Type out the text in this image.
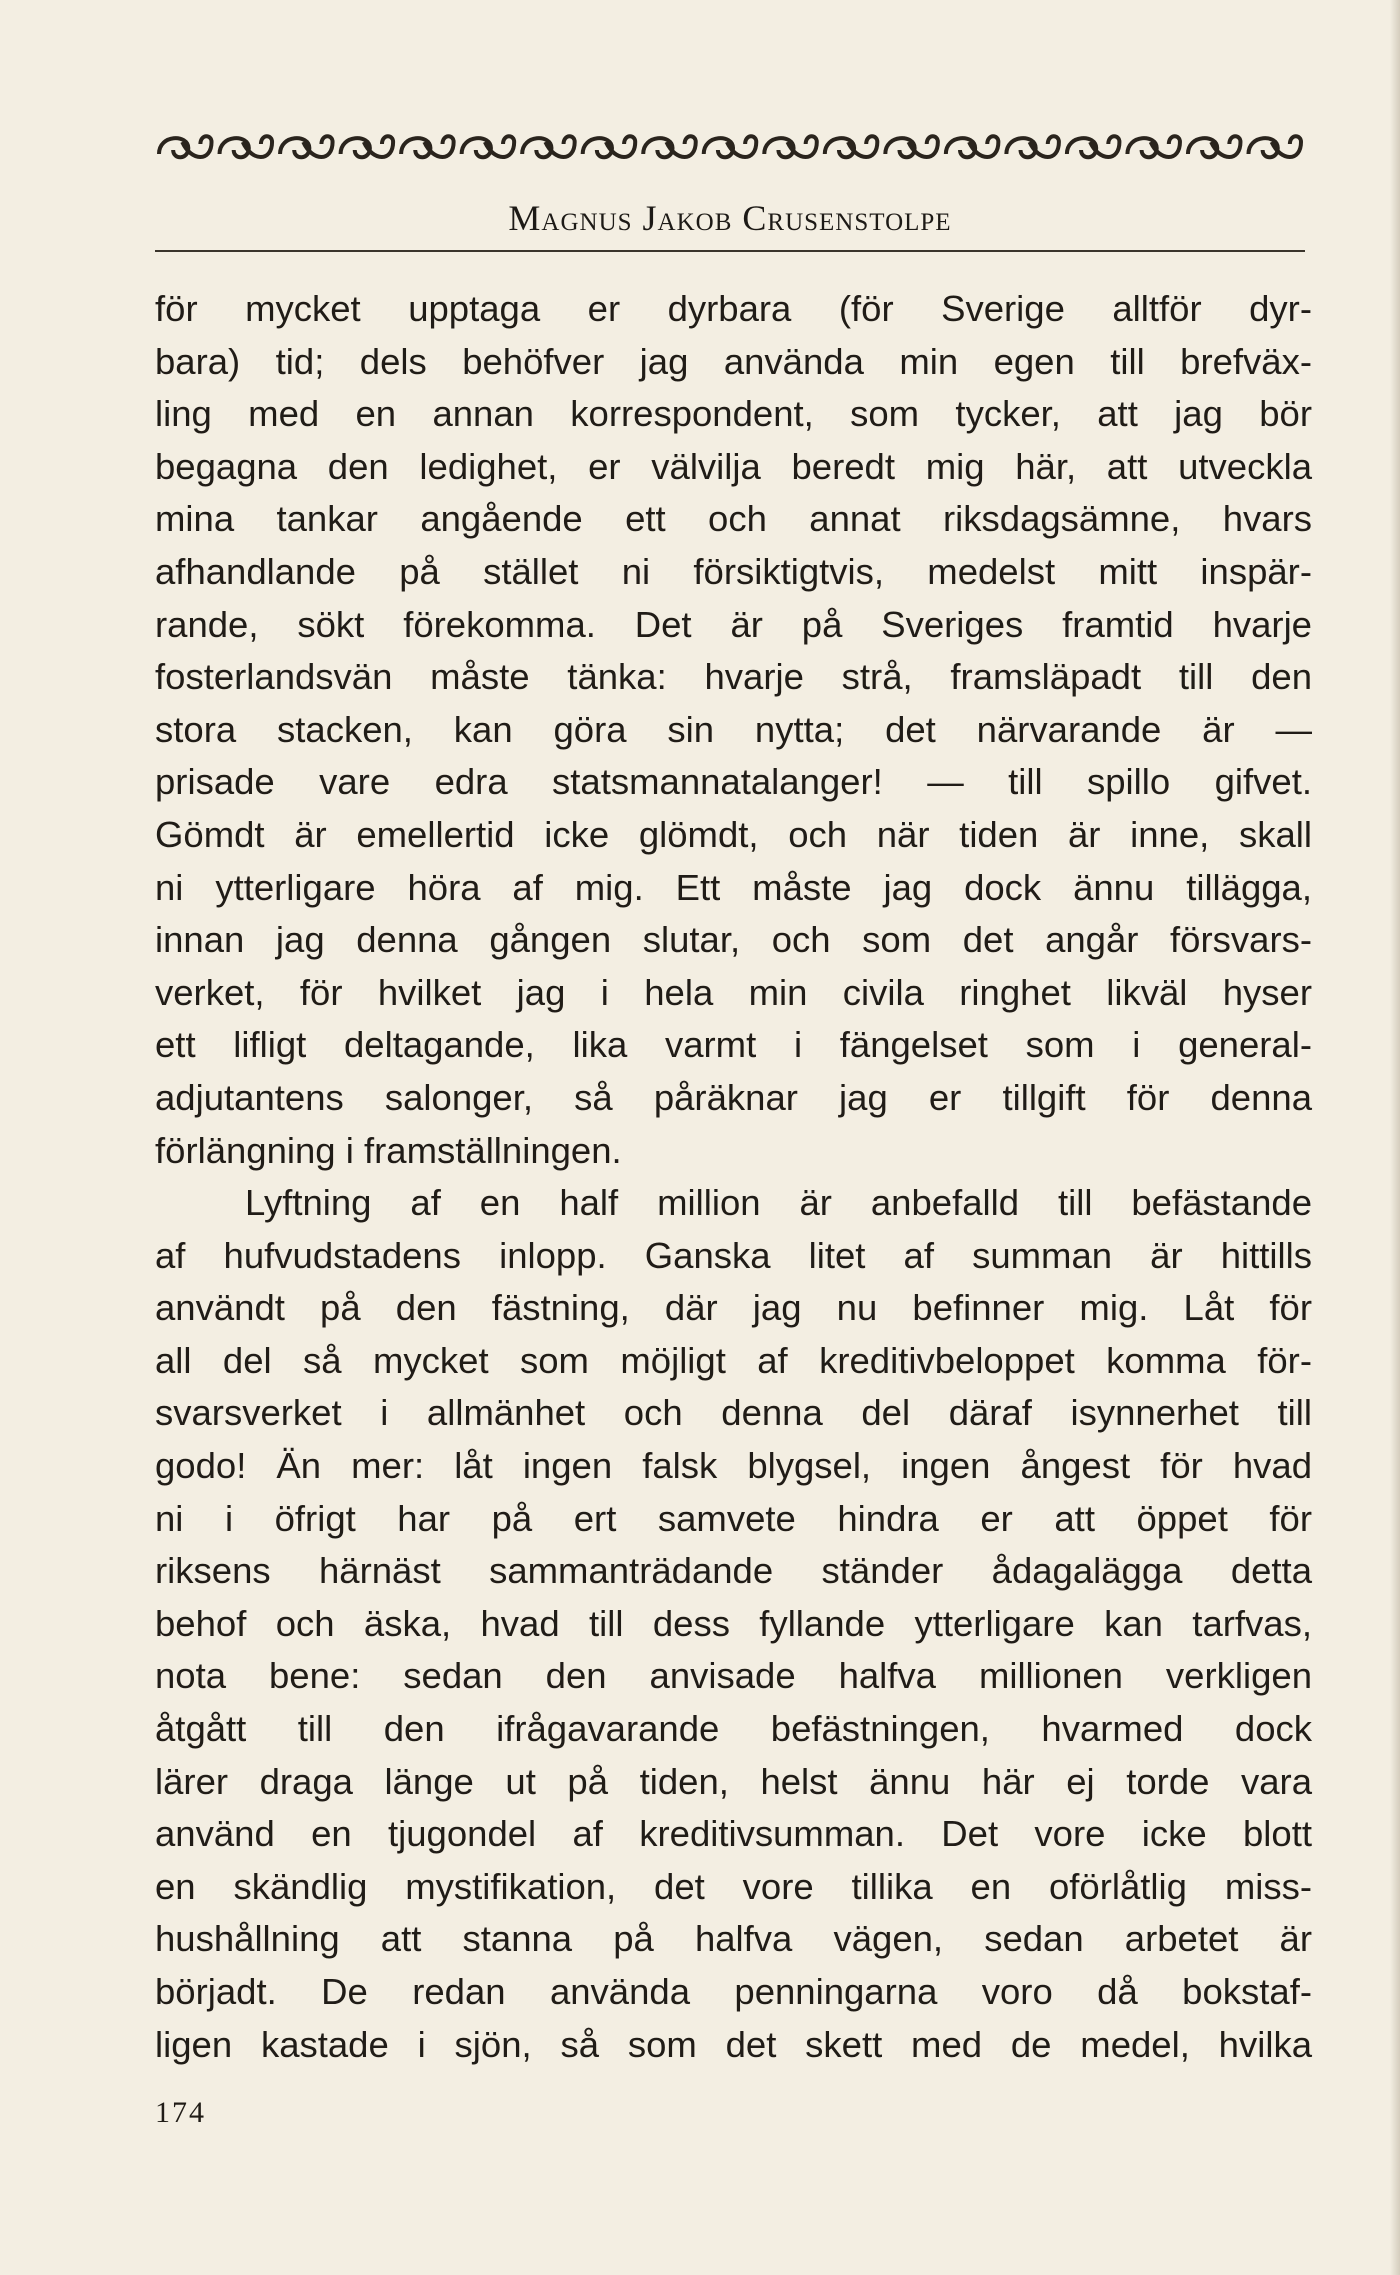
Magnus Jakob Crusenstolpe
för mycket upptaga er dyrbara (för Sverige alltför dyr-
bara) tid; dels behöfver jag använda min egen till brefväx-
ling med en annan korrespondent, som tycker, att jag bör
begagna den ledighet, er välvilja beredt mig här, att utveckla
mina tankar angående ett och annat riksdagsämne, hvars
afhandlande på stället ni försiktigtvis, medelst mitt inspär-
rande, sökt förekomma. Det är på Sveriges framtid hvarje
fosterlandsvän måste tänka: hvarje strå, framsläpadt till den
stora stacken, kan göra sin nytta; det närvarande är —
prisade vare edra statsmannatalanger! — till spillo gifvet.
Gömdt är emellertid icke glömdt, och när tiden är inne, skall
ni ytterligare höra af mig. Ett måste jag dock ännu tillägga,
innan jag denna gången slutar, och som det angår försvars-
verket, för hvilket jag i hela min civila ringhet likväl hyser
ett lifligt deltagande, lika varmt i fängelset som i general-
adjutantens salonger, så påräknar jag er tillgift för denna
förlängning i framställningen.
Lyftning af en half million är anbefalld till befästande
af hufvudstadens inlopp. Ganska litet af summan är hittills
användt på den fästning, där jag nu befinner mig. Låt för
all del så mycket som möjligt af kreditivbeloppet komma för-
svarsverket i allmänhet och denna del däraf isynnerhet till
godo! Än mer: låt ingen falsk blygsel, ingen ångest för hvad
ni i öfrigt har på ert samvete hindra er att öppet för
riksens härnäst sammanträdande ständer ådagalägga detta
behof och äska, hvad till dess fyllande ytterligare kan tarfvas,
nota bene: sedan den anvisade halfva millionen verkligen
åtgått till den ifrågavarande befästningen, hvarmed dock
lärer draga länge ut på tiden, helst ännu här ej torde vara
använd en tjugondel af kreditivsumman. Det vore icke blott
en skändlig mystifikation, det vore tillika en oförlåtlig miss-
hushållning att stanna på halfva vägen, sedan arbetet är
börjadt. De redan använda penningarna voro då bokstaf-
ligen kastade i sjön, så som det skett med de medel, hvilka
174
